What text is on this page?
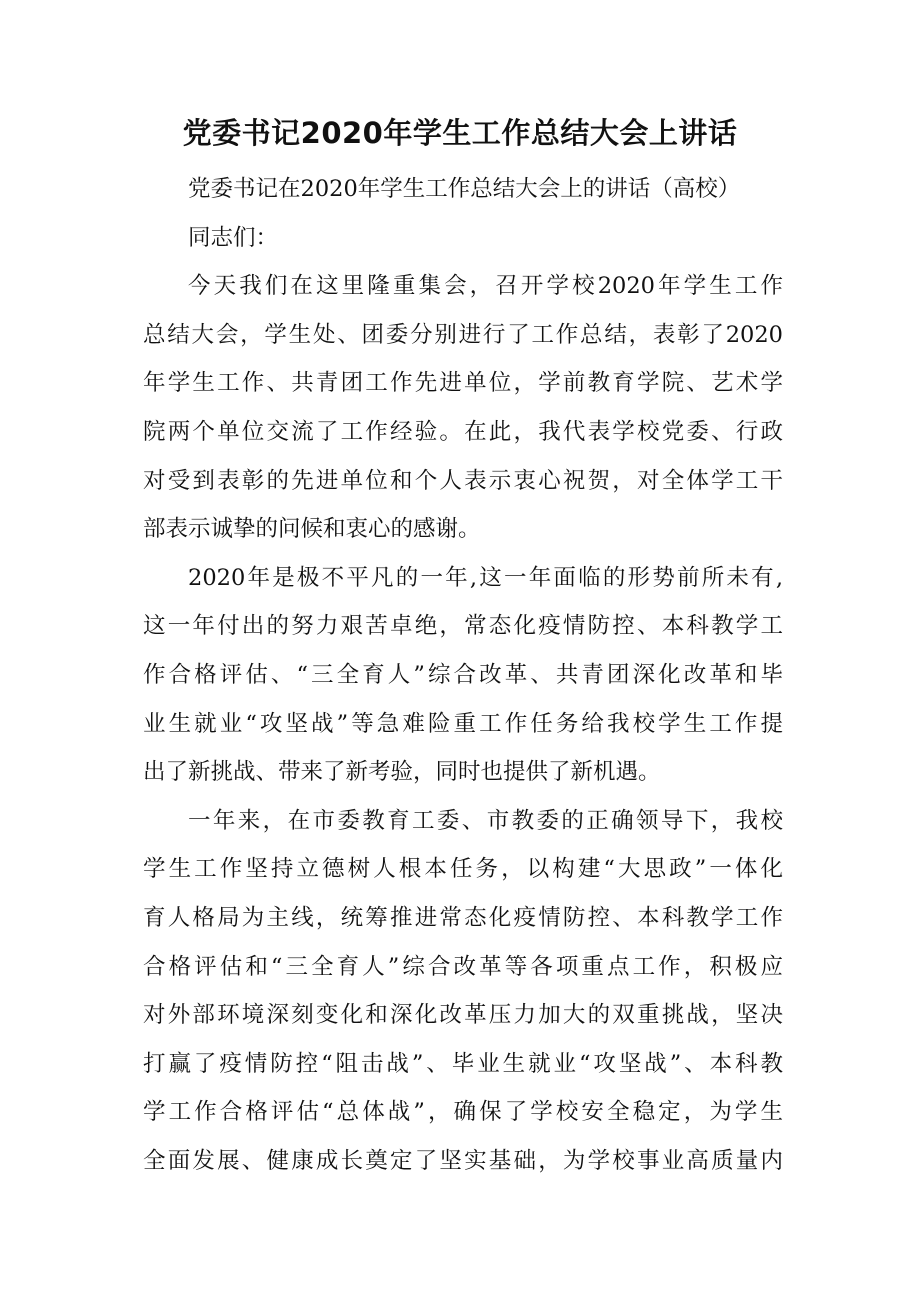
党委书记2020年学生工作总结大会上讲话
党委书记在2020年学生工作总结大会上的讲话（高校）
同志们：
今天我们在这里隆重集会，召开学校2020年学生工作
总结大会，学生处、团委分别进行了工作总结，表彰了2020
年学生工作、共青团工作先进单位，学前教育学院、艺术学
院两个单位交流了工作经验。在此，我代表学校党委、行政
对受到表彰的先进单位和个人表示衷心祝贺，对全体学工干
部表示诚挚的问候和衷心的感谢。
2020年是极不平凡的一年,这一年面临的形势前所未有,
这一年付出的努力艰苦卓绝，常态化疫情防控、本科教学工
作合格评估、“三全育人”综合改革、共青团深化改革和毕
业生就业“攻坚战”等急难险重工作任务给我校学生工作提
出了新挑战、带来了新考验，同时也提供了新机遇。
一年来，在市委教育工委、市教委的正确领导下，我校
学生工作坚持立德树人根本任务，以构建“大思政”一体化
育人格局为主线，统筹推进常态化疫情防控、本科教学工作
合格评估和“三全育人”综合改革等各项重点工作，积极应
对外部环境深刻变化和深化改革压力加大的双重挑战，坚决
打赢了疫情防控“阻击战”、毕业生就业“攻坚战”、本科教
学工作合格评估“总体战”，确保了学校安全稳定，为学生
全面发展、健康成长奠定了坚实基础，为学校事业高质量内
